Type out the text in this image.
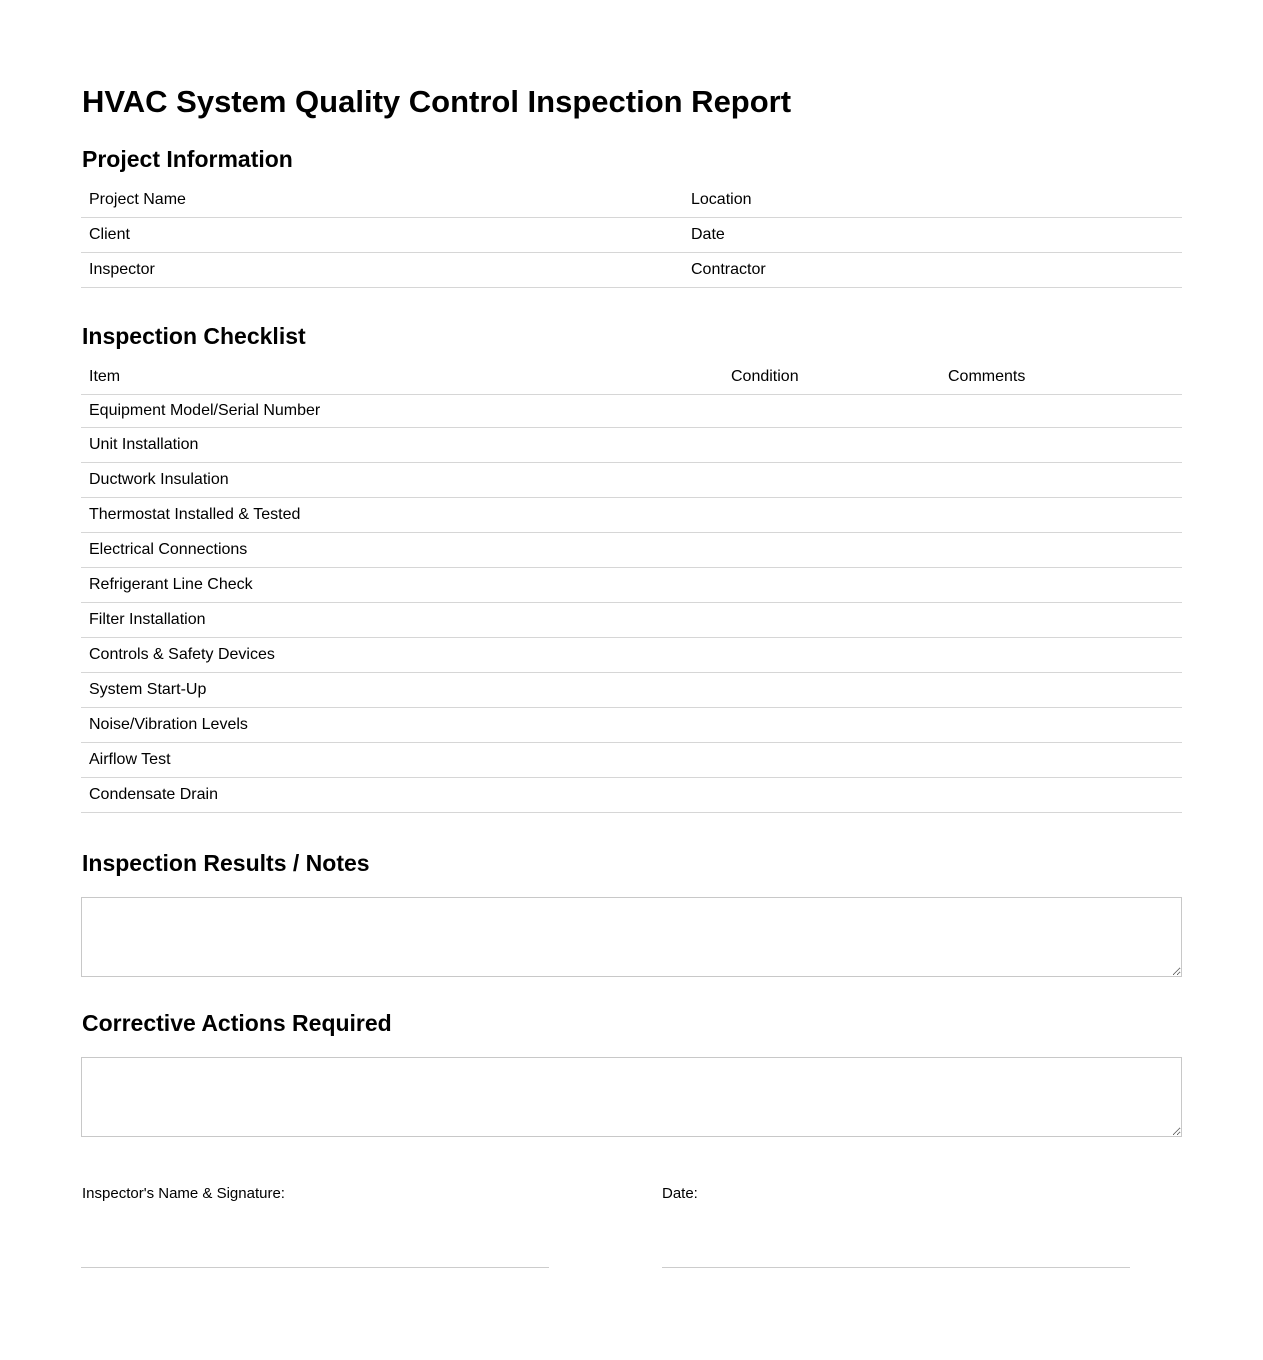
HVAC System Quality Control Inspection Report
Project Information
Project Name	Location
Client	Date
Inspector	Contractor
Inspection Checklist
Item	Condition	Comments
Equipment Model/Serial Number		
Unit Installation		
Ductwork Insulation		
Thermostat Installed & Tested		
Electrical Connections		
Refrigerant Line Check		
Filter Installation		
Controls & Safety Devices		
System Start-Up		
Noise/Vibration Levels		
Airflow Test		
Condensate Drain		
Inspection Results / Notes
Corrective Actions Required
Inspector's Name & Signature:	Date:
